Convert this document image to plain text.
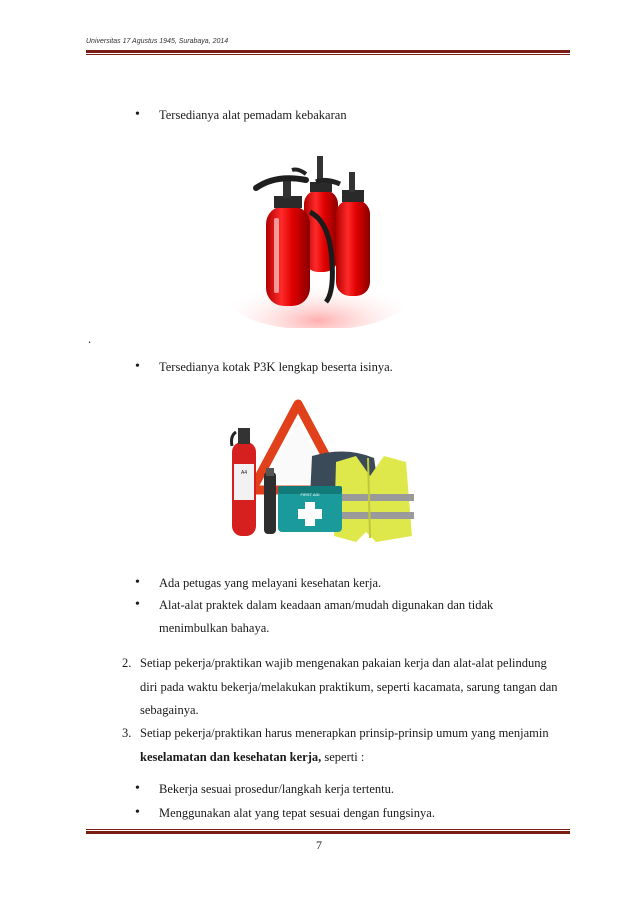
Universitas 17 Agustus 1945, Surabaya, 2014
• Tersedianya alat pemadam kebakaran
.
• Tersedianya kotak P3K lengkap beserta isinya.
FIRST AID
A4
• Ada petugas yang melayani kesehatan kerja.
• Alat-alat praktek dalam keadaan aman/mudah digunakan dan tidak
menimbulkan bahaya.
2. Setiap pekerja/praktikan wajib mengenakan pakaian kerja dan alat-alat pelindung
diri pada waktu bekerja/melakukan praktikum, seperti kacamata, sarung tangan dan
sebagainya.
3. Setiap pekerja/praktikan harus menerapkan prinsip-prinsip umum yang menjamin
keselamatan dan kesehatan kerja, seperti :
• Bekerja sesuai prosedur/langkah kerja tertentu.
• Menggunakan alat yang tepat sesuai dengan fungsinya.
7
